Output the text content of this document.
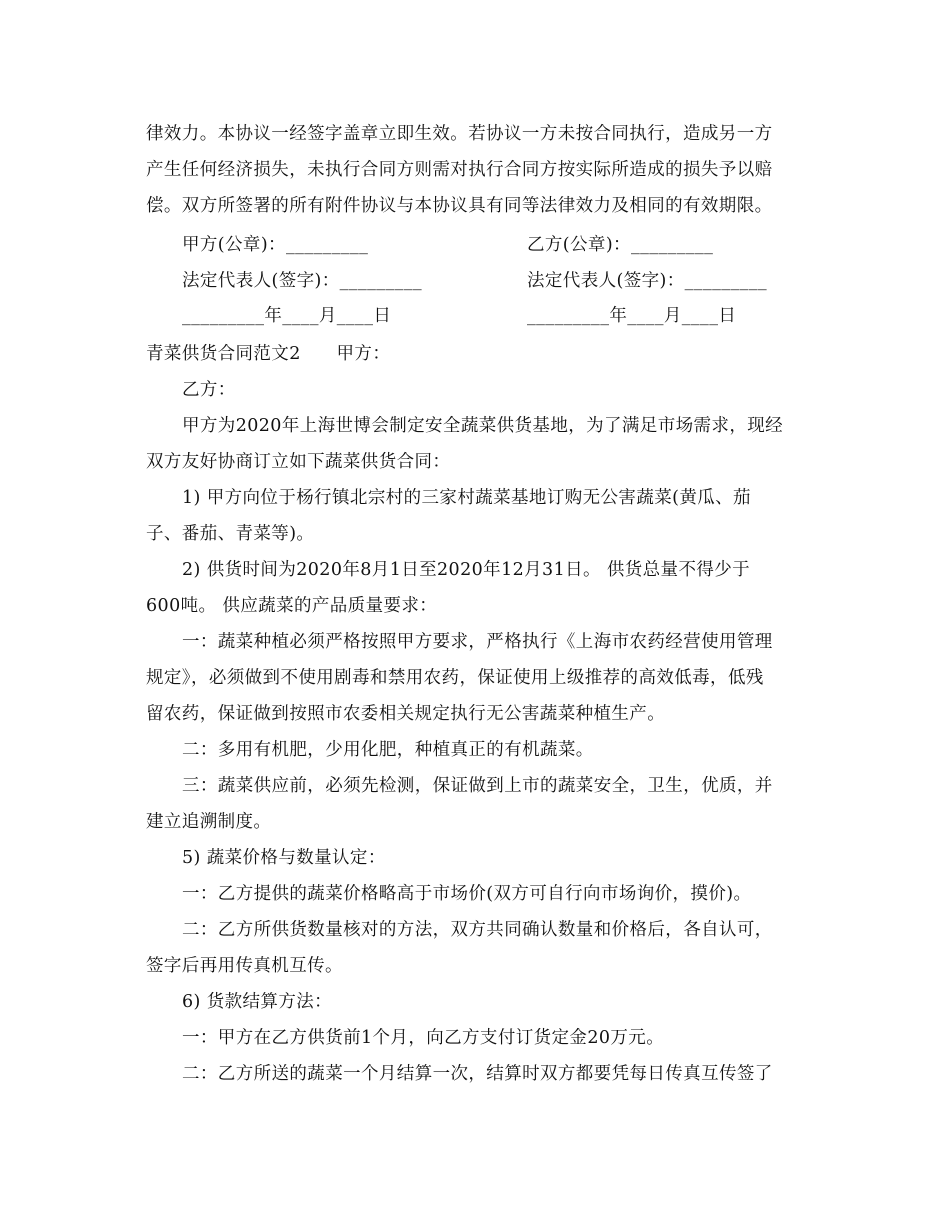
律效力。本协议一经签字盖章立即生效。若协议一方未按合同执行，造成另一方
产生任何经济损失，未执行合同方则需对执行合同方按实际所造成的损失予以赔
偿。双方所签署的所有附件协议与本协议具有同等法律效力及相同的有效期限。
甲方(公章)：_________	乙方(公章)：_________
法定代表人(签字)：_________	法定代表人(签字)：_________
_________年____月____日	_________年____月____日
青菜供货合同范文2　　甲方：
乙方：
甲方为2020年上海世博会制定安全蔬菜供货基地，为了满足市场需求，现经
双方友好协商订立如下蔬菜供货合同：
1) 甲方向位于杨行镇北宗村的三家村蔬菜基地订购无公害蔬菜(黄瓜、茄
子、番茄、青菜等)。
2) 供货时间为2020年8月1日至2020年12月31日。 供货总量不得少于
600吨。 供应蔬菜的产品质量要求：
一：蔬菜种植必须严格按照甲方要求，严格执行《上海市农药经营使用管理
规定》，必须做到不使用剧毒和禁用农药，保证使用上级推荐的高效低毒，低残
留农药，保证做到按照市农委相关规定执行无公害蔬菜种植生产。
二：多用有机肥，少用化肥，种植真正的有机蔬菜。
三：蔬菜供应前，必须先检测，保证做到上市的蔬菜安全，卫生，优质，并
建立追溯制度。
5) 蔬菜价格与数量认定：
一：乙方提供的蔬菜价格略高于市场价(双方可自行向市场询价，摸价)。
二：乙方所供货数量核对的方法，双方共同确认数量和价格后，各自认可，
签字后再用传真机互传。
6) 货款结算方法：
一：甲方在乙方供货前1个月，向乙方支付订货定金20万元。
二：乙方所送的蔬菜一个月结算一次，结算时双方都要凭每日传真互传签了
